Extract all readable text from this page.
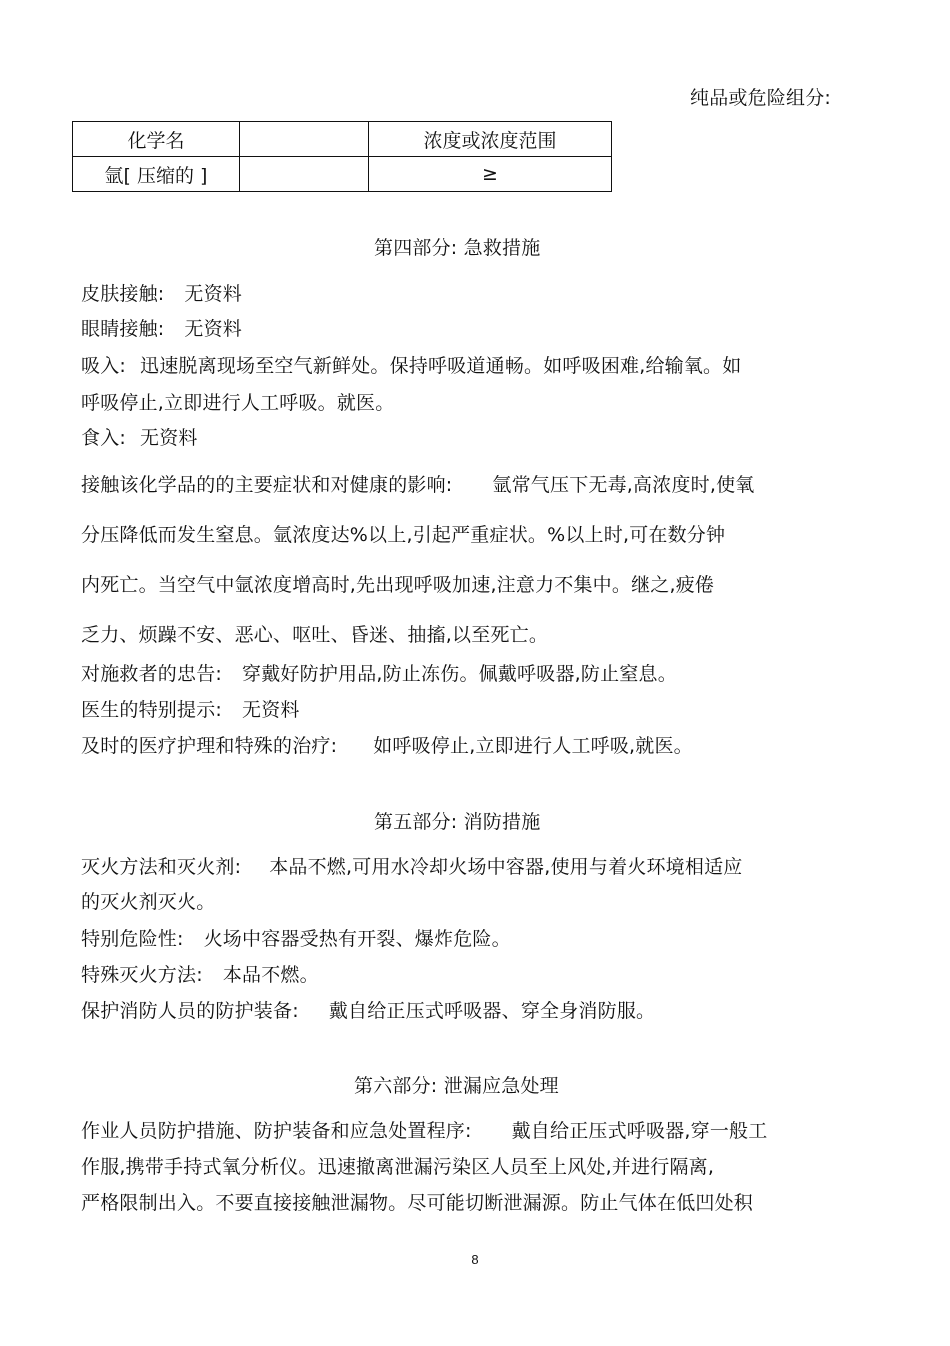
纯品或危险组分:
化学名		浓度或浓度范围
氩[ 压缩的 ]		≥
第四部分: 急救措施
皮肤接触: 无资料
眼睛接触: 无资料
吸入: 迅速脱离现场至空气新鲜处。保持呼吸道通畅。如呼吸困难,给输氧。如
呼吸停止,立即进行人工呼吸。就医。
食入: 无资料
接触该化学品的的主要症状和对健康的影响: 氩常气压下无毒,高浓度时,使氧
分压降低而发生窒息。氩浓度达%以上,引起严重症状。%以上时,可在数分钟
内死亡。当空气中氩浓度增高时,先出现呼吸加速,注意力不集中。继之,疲倦
乏力、烦躁不安、恶心、呕吐、昏迷、抽搐,以至死亡。
对施救者的忠告: 穿戴好防护用品,防止冻伤。佩戴呼吸器,防止窒息。
医生的特别提示: 无资料
及时的医疗护理和特殊的治疗: 如呼吸停止,立即进行人工呼吸,就医。
第五部分: 消防措施
灭火方法和灭火剂: 本品不燃,可用水冷却火场中容器,使用与着火环境相适应
的灭火剂灭火。
特别危险性: 火场中容器受热有开裂、爆炸危险。
特殊灭火方法: 本品不燃。
保护消防人员的防护装备: 戴自给正压式呼吸器、穿全身消防服。
第六部分: 泄漏应急处理
作业人员防护措施、防护装备和应急处置程序: 戴自给正压式呼吸器,穿一般工
作服,携带手持式氧分析仪。迅速撤离泄漏污染区人员至上风处,并进行隔离,
严格限制出入。不要直接接触泄漏物。尽可能切断泄漏源。防止气体在低凹处积
8
